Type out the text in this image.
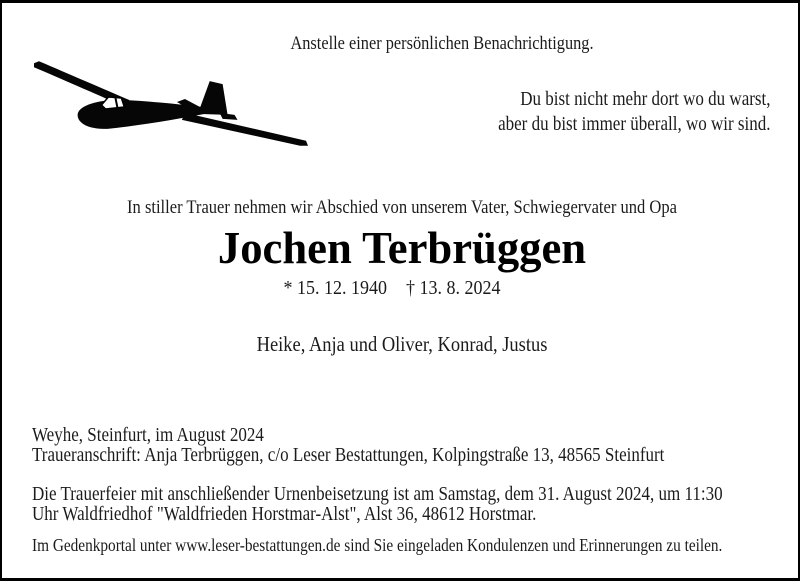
Anstelle einer persönlichen Benachrichtigung.
Du bist nicht mehr dort wo du warst,
aber du bist immer überall, wo wir sind.
In stiller Trauer nehmen wir Abschied von unserem Vater, Schwiegervater und Opa
Jochen Terbrüggen
* 15. 12. 1940 † 13. 8. 2024
Heike, Anja und Oliver, Konrad, Justus
Weyhe, Steinfurt, im August 2024
Traueranschrift: Anja Terbrüggen, c/o Leser Bestattungen, Kolpingstraße 13, 48565 Steinfurt
Die Trauerfeier mit anschließender Urnenbeisetzung ist am Samstag, dem 31. August 2024, um 11:30
Uhr Waldfriedhof "Waldfrieden Horstmar-Alst", Alst 36, 48612 Horstmar.
Im Gedenkportal unter www.leser-bestattungen.de sind Sie eingeladen Kondulenzen und Erinnerungen zu teilen.
